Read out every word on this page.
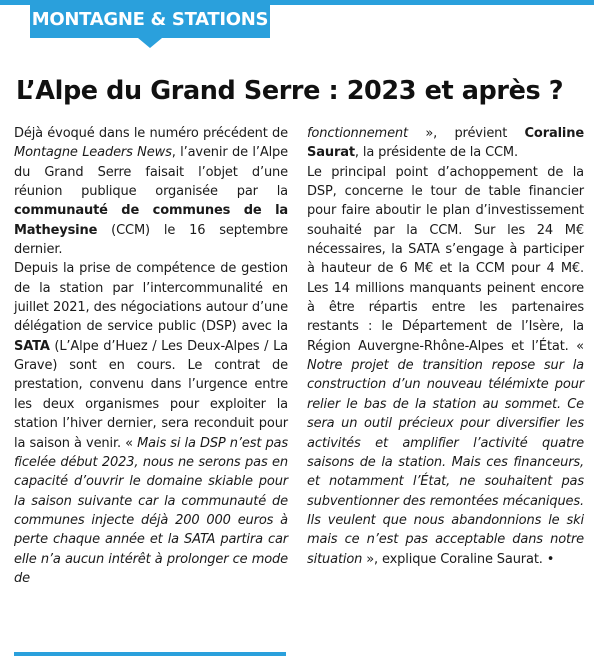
MONTAGNE & STATIONS
L’Alpe du Grand Serre : 2023 et après ?

Déjà évoqué dans le numéro précédent de Montagne Leaders News, l’avenir de l’Alpe du Grand Serre faisait l’objet d’une réunion publique organisée par la communauté de communes de la Matheysine (CCM) le 16 septembre dernier.

Depuis la prise de compétence de gestion de la station par l’intercommunalité en juillet 2021, des négociations autour d’une délégation de service public (DSP) avec la SATA (L’Alpe d’Huez / Les Deux-Alpes / La Grave) sont en cours. Le contrat de prestation, convenu dans l’urgence entre les deux organismes pour exploiter la station l’hiver dernier, sera reconduit pour la saison à venir. « Mais si la DSP n’est pas ficelée début 2023, nous ne serons pas en capacité d’ouvrir le domaine skiable pour la saison suivante car la communauté de communes injecte déjà 200 000 euros à perte chaque année et la SATA partira car elle n’a aucun intérêt à prolonger ce mode de

fonctionnement », prévient Coraline Saurat, la présidente de la CCM.

Le principal point d’achoppement de la DSP, concerne le tour de table financier pour faire aboutir le plan d’investissement souhaité par la CCM. Sur les 24 M€ nécessaires, la SATA s’engage à participer à hauteur de 6 M€ et la CCM pour 4 M€. Les 14 millions manquants peinent encore à être répartis entre les partenaires restants : le Département de l’Isère, la Région Auvergne-Rhône-Alpes et l’État. « Notre projet de transition repose sur la construction d’un nouveau télémixte pour relier le bas de la station au sommet. Ce sera un outil précieux pour diversifier les activités et amplifier l’activité quatre saisons de la station. Mais ces financeurs, et notamment l’État, ne souhaitent pas subventionner des remontées mécaniques. Ils veulent que nous abandonnions le ski mais ce n’est pas acceptable dans notre situation », explique Coraline Saurat. •
